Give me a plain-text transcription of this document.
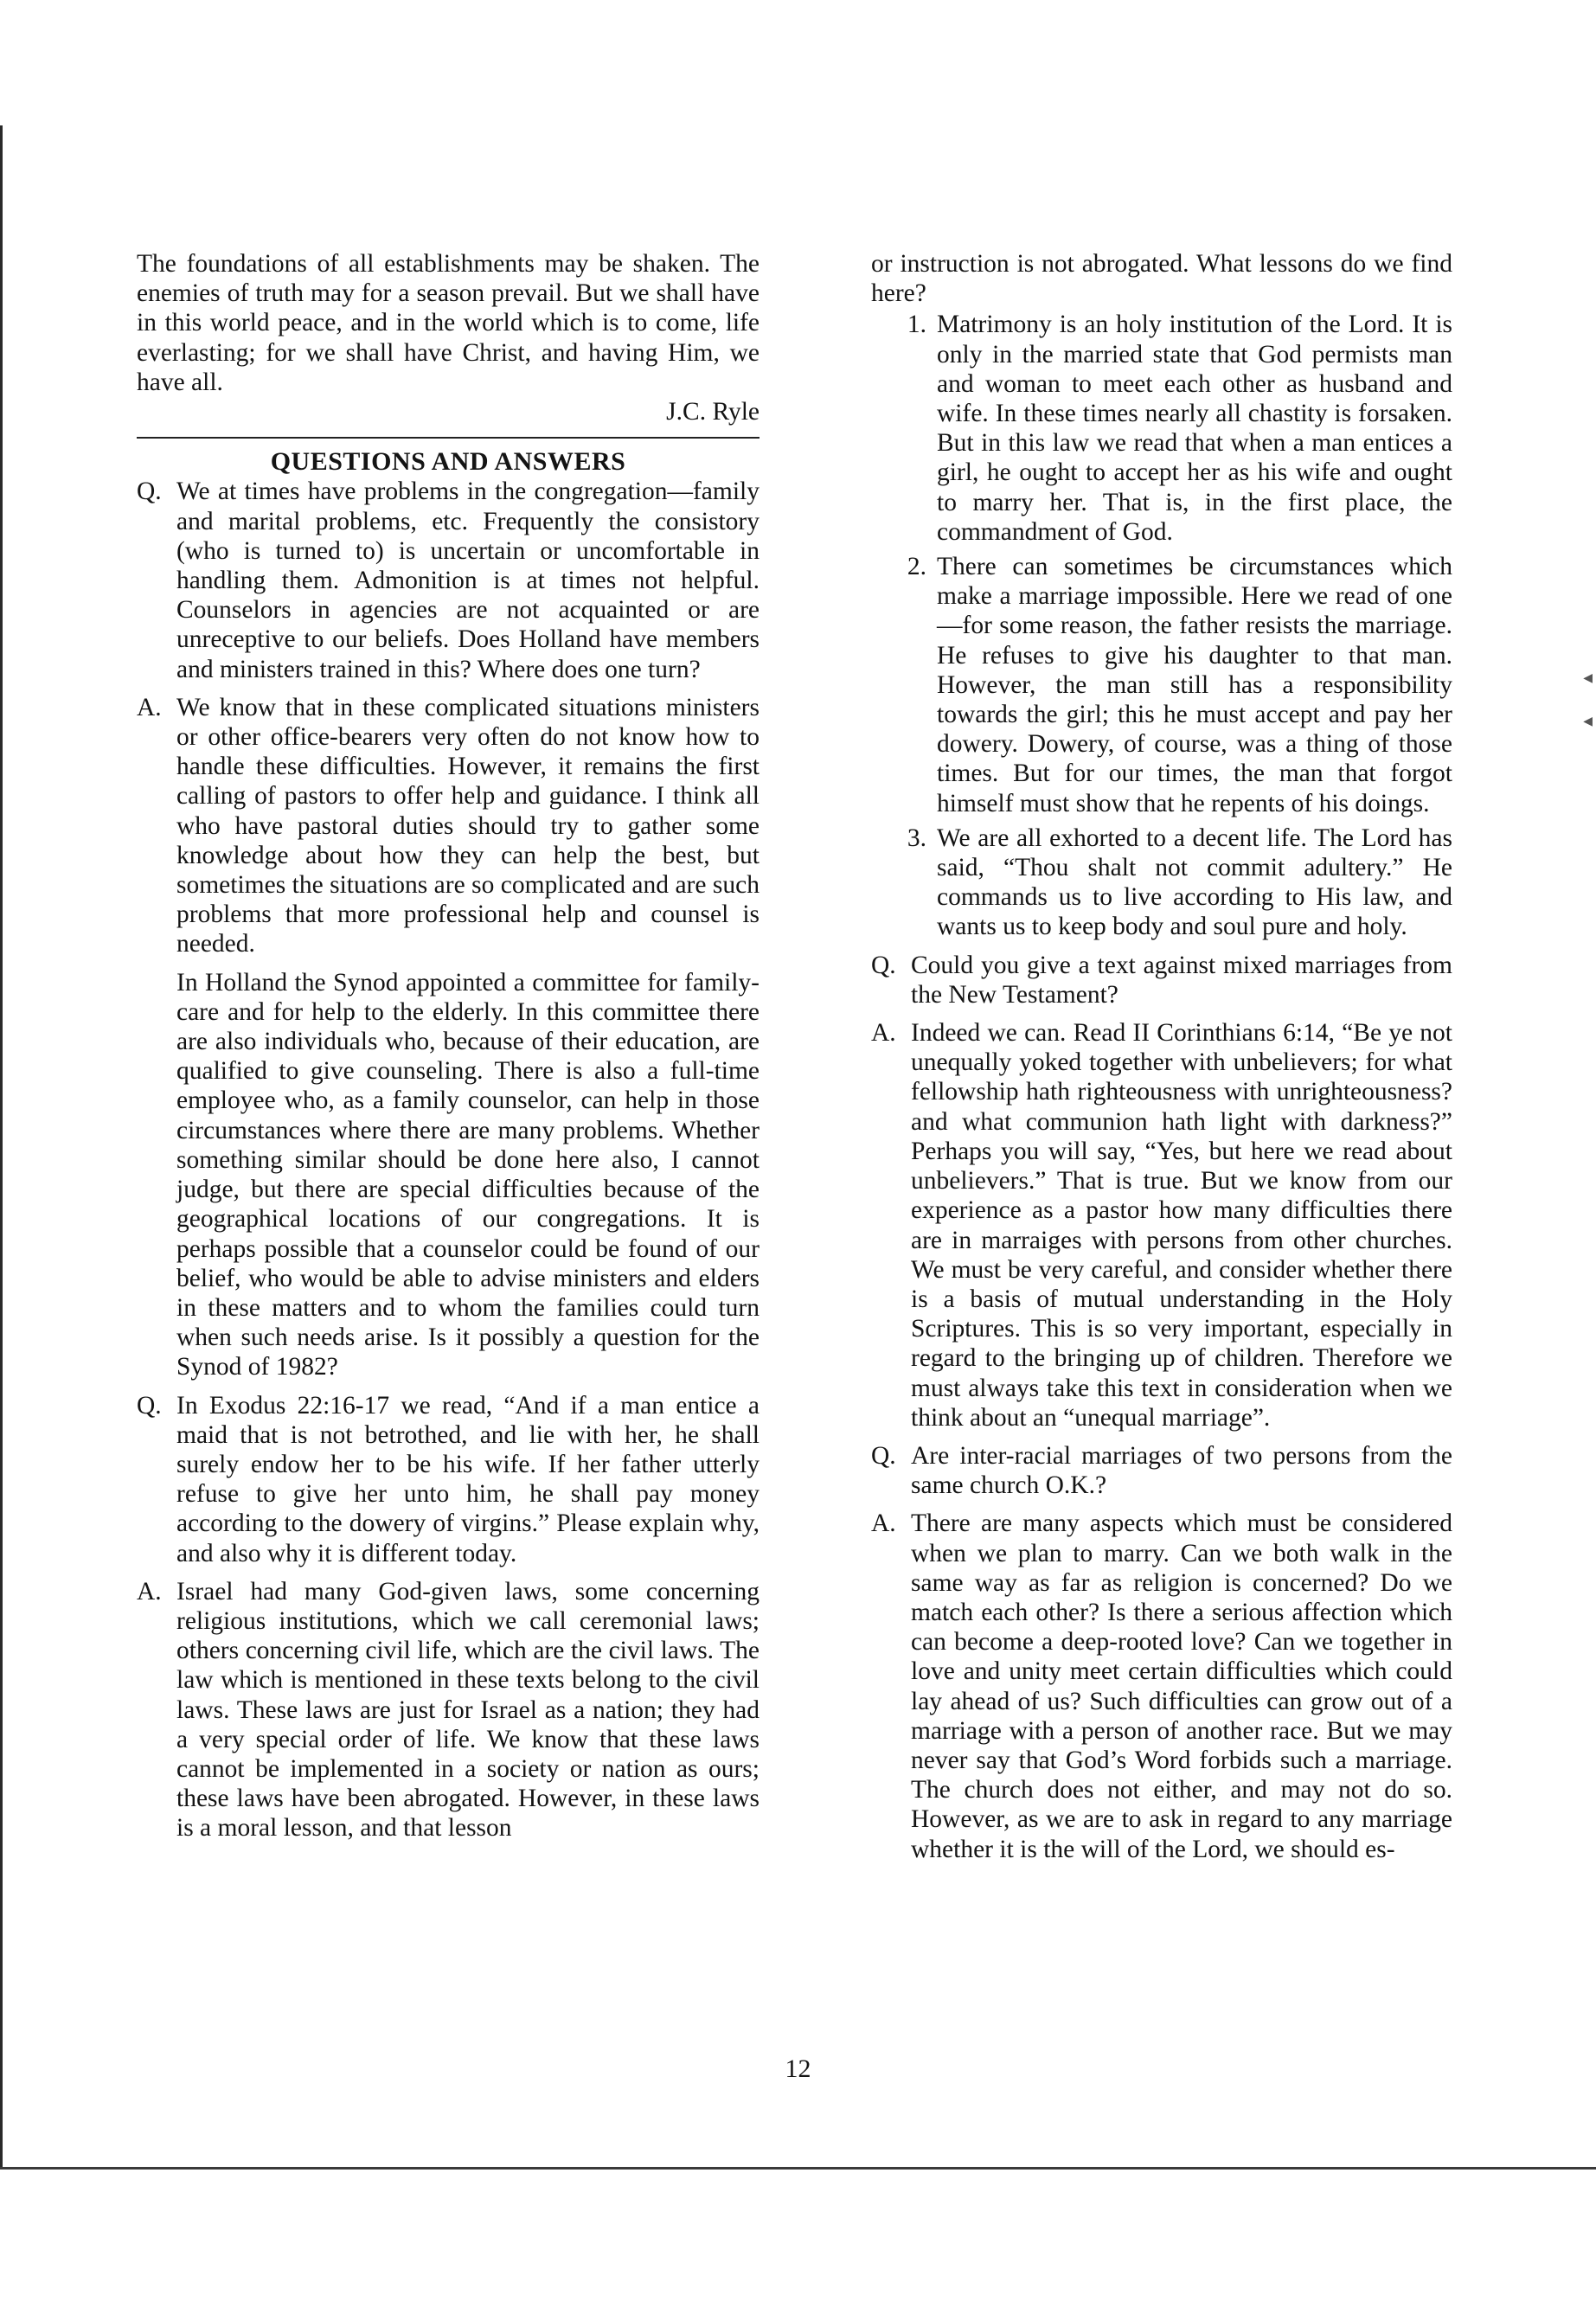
◀
◀

The foundations of all establishments may be shaken. The enemies of truth may for a season prevail. But we shall have in this world peace, and in the world which is to come, life everlasting; for we shall have Christ, and having Him, we have all.

J.C. Ryle

QUESTIONS AND ANSWERS

Q. We at times have problems in the congregation—family and marital problems, etc. Frequently the consistory (who is turned to) is uncertain or uncomfortable in handling them. Admonition is at times not helpful. Counselors in agencies are not acquainted or are unreceptive to our beliefs. Does Holland have members and ministers trained in this? Where does one turn?
A. We know that in these complicated situations ministers or other office-bearers very often do not know how to handle these difficulties. However, it remains the first calling of pastors to offer help and guidance. I think all who have pastoral duties should try to gather some knowledge about how they can help the best, but sometimes the situations are so complicated and are such problems that more professional help and counsel is needed.
In Holland the Synod appointed a committee for family-care and for help to the elderly. In this committee there are also individuals who, because of their education, are qualified to give counseling. There is also a full-time employee who, as a family counselor, can help in those circumstances where there are many problems. Whether something similar should be done here also, I cannot judge, but there are special difficulties because of the geographical locations of our congregations. It is perhaps possible that a counselor could be found of our belief, who would be able to advise ministers and elders in these matters and to whom the families could turn when such needs arise. Is it possibly a question for the Synod of 1982?
Q. In Exodus 22:16-17 we read, “And if a man entice a maid that is not betrothed, and lie with her, he shall surely endow her to be his wife. If her father utterly refuse to give her unto him, he shall pay money according to the dowery of virgins.” Please explain why, and also why it is different today.
A. Israel had many God-given laws, some concerning religious institutions, which we call ceremonial laws; others concerning civil life, which are the civil laws. The law which is mentioned in these texts belong to the civil laws. These laws are just for Israel as a nation; they had a very special order of life. We know that these laws cannot be implemented in a society or nation as ours; these laws have been abrogated. However, in these laws is a moral lesson, and that lesson

or instruction is not abrogated. What lessons do we find here?

1. Matrimony is an holy institution of the Lord. It is only in the married state that God permists man and woman to meet each other as husband and wife. In these times nearly all chastity is forsaken. But in this law we read that when a man entices a girl, he ought to accept her as his wife and ought to marry her. That is, in the first place, the commandment of God.
2. There can sometimes be circumstances which make a marriage impossible. Here we read of one—for some reason, the father resists the marriage. He refuses to give his daughter to that man. However, the man still has a responsibility towards the girl; this he must accept and pay her dowery. Dowery, of course, was a thing of those times. But for our times, the man that forgot himself must show that he repents of his doings.
3. We are all exhorted to a decent life. The Lord has said, “Thou shalt not commit adultery.” He commands us to live according to His law, and wants us to keep body and soul pure and holy.
Q. Could you give a text against mixed marriages from the New Testament?
A. Indeed we can. Read II Corinthians 6:14, “Be ye not unequally yoked together with unbelievers; for what fellowship hath righteousness with unrighteousness? and what communion hath light with darkness?” Perhaps you will say, “Yes, but here we read about unbelievers.” That is true. But we know from our experience as a pastor how many difficulties there are in marraiges with persons from other churches. We must be very careful, and consider whether there is a basis of mutual understanding in the Holy Scriptures. This is so very important, especially in regard to the bringing up of children. Therefore we must always take this text in consideration when we think about an “unequal marriage”.
Q. Are inter-racial marriages of two persons from the same church O.K.?
A. There are many aspects which must be considered when we plan to marry. Can we both walk in the same way as far as religion is concerned? Do we match each other? Is there a serious affection which can become a deep-rooted love? Can we together in love and unity meet certain difficulties which could lay ahead of us? Such difficulties can grow out of a marriage with a person of another race. But we may never say that God’s Word forbids such a marriage. The church does not either, and may not do so. However, as we are to ask in regard to any marriage whether it is the will of the Lord, we should es-
12
